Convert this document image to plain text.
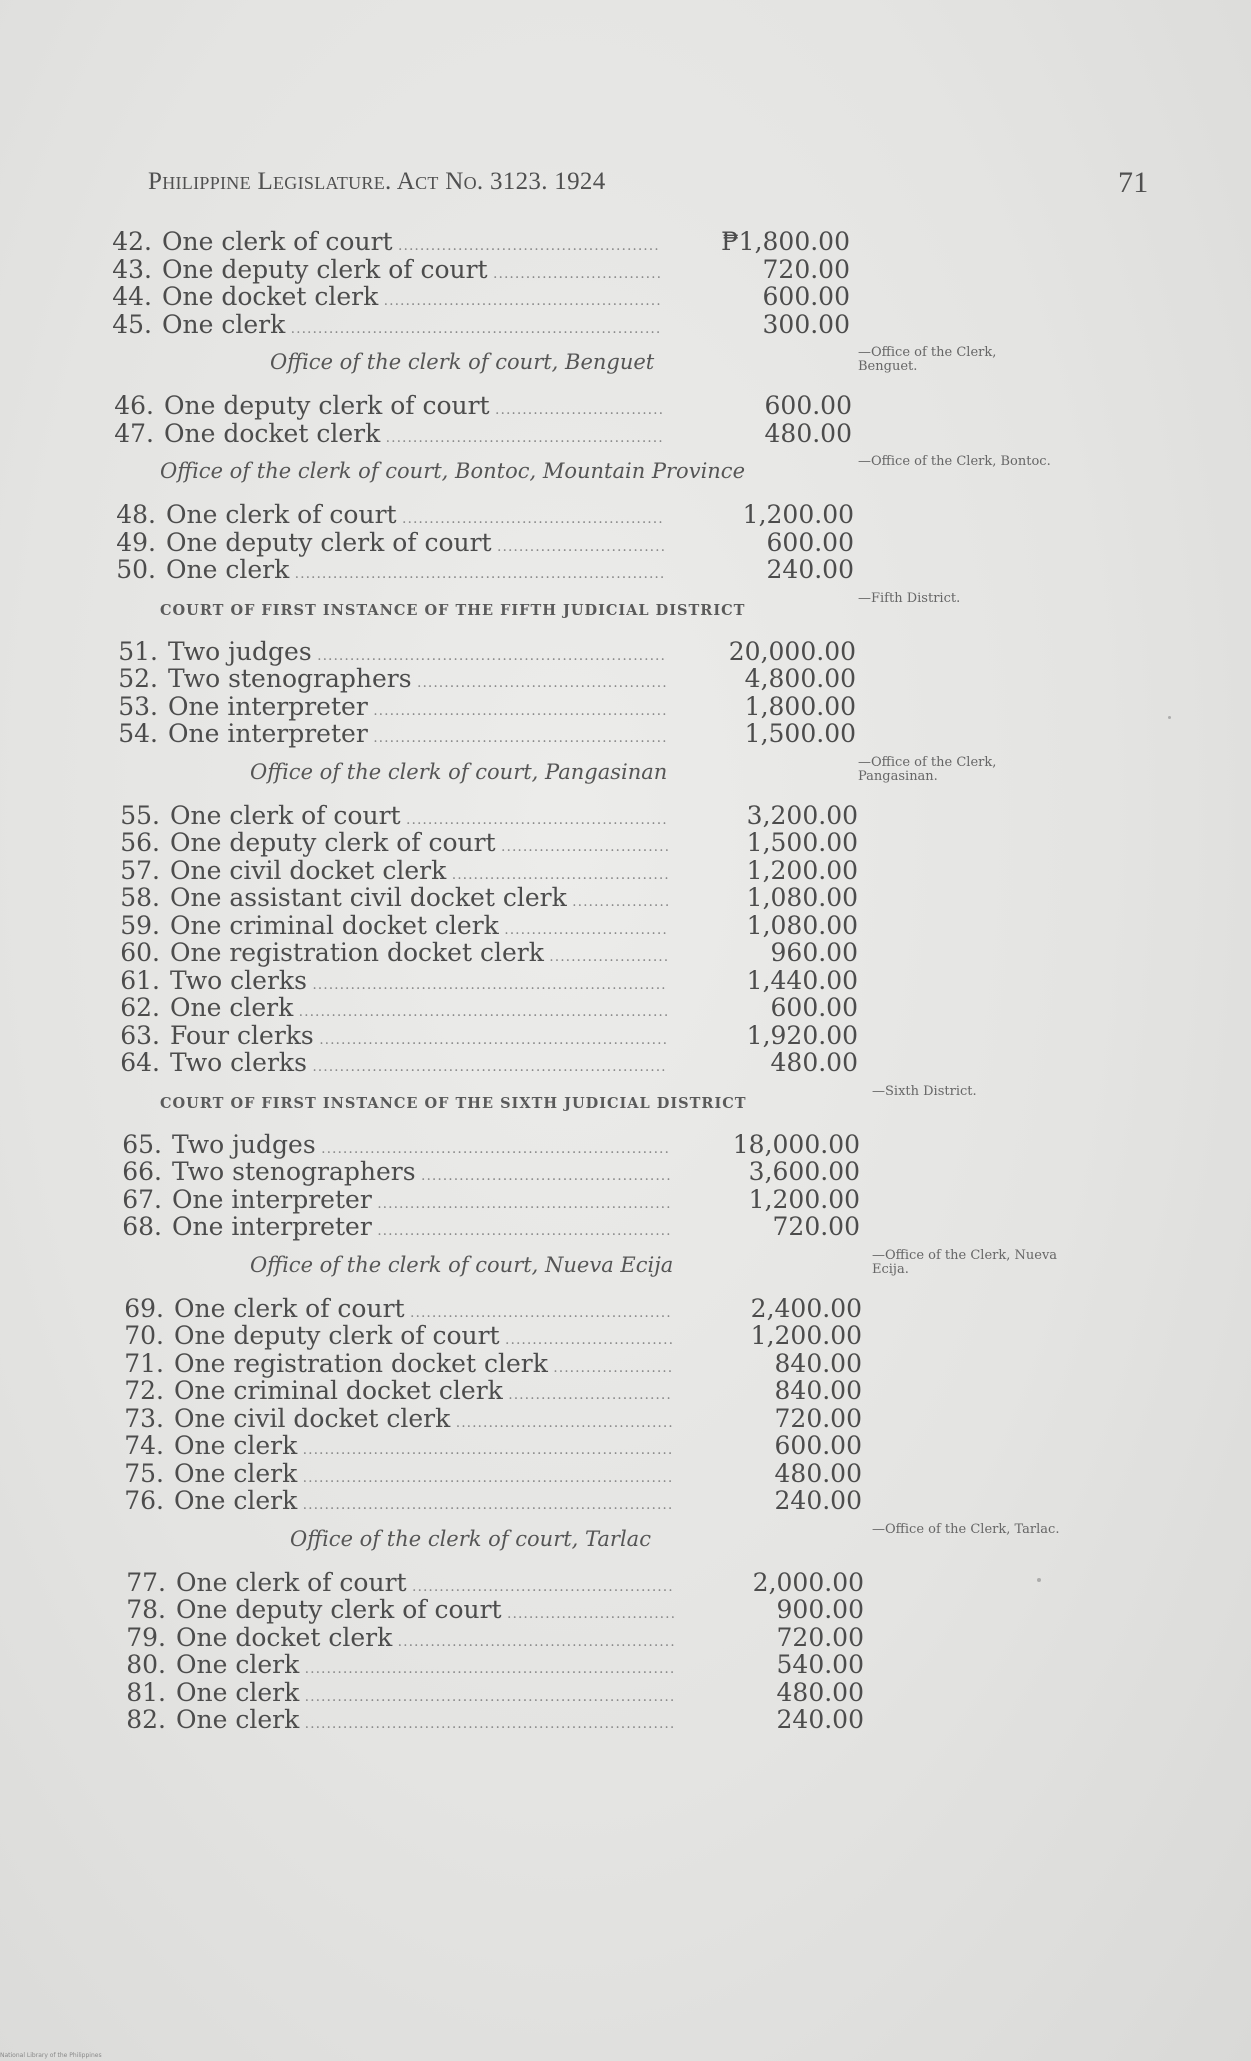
Philippine Legislature. Act No. 3123. 1924	71
42. One clerk of court .....	₱1,800.00
43. One deputy clerk of court .....	720.00
44. One docket clerk .....	600.00
45. One clerk .....	300.00
Office of the clerk of court, Benguet	—Office of the Clerk, Benguet.
46. One deputy clerk of court .....	600.00
47. One docket clerk .....	480.00
Office of the clerk of court, Bontoc, Mountain Province	—Office of the Clerk, Bontoc.
48. One clerk of court .....	1,200.00
49. One deputy clerk of court .....	600.00
50. One clerk .....	240.00
COURT OF FIRST INSTANCE OF THE FIFTH JUDICIAL DISTRICT
—Fifth District.
51. Two judges .....	20,000.00
52. Two stenographers .....	4,800.00
53. One interpreter .....	1,800.00
54. One interpreter .....	1,500.00
Office of the clerk of court, Pangasinan	—Office of the Clerk, Pangasinan.
55. One clerk of court .....	3,200.00
56. One deputy clerk of court .....	1,500.00
57. One civil docket clerk .....	1,200.00
58. One assistant civil docket clerk .....	1,080.00
59. One criminal docket clerk .....	1,080.00
60. One registration docket clerk .....	960.00
61. Two clerks .....	1,440.00
62. One clerk .....	600.00
63. Four clerks .....	1,920.00
64. Two clerks .....	480.00
COURT OF FIRST INSTANCE OF THE SIXTH JUDICIAL DISTRICT
—Sixth District.
65. Two judges .....	18,000.00
66. Two stenographers .....	3,600.00
67. One interpreter .....	1,200.00
68. One interpreter .....	720.00
Office of the clerk of court, Nueva Ecija	—Office of the Clerk, Nueva Ecija.
69. One clerk of court .....	2,400.00
70. One deputy clerk of court .....	1,200.00
71. One registration docket clerk .....	840.00
72. One criminal docket clerk .....	840.00
73. One civil docket clerk .....	720.00
74. One clerk .....	600.00
75. One clerk .....	480.00
76. One clerk .....	240.00
Office of the clerk of court, Tarlac	—Office of the Clerk, Tarlac.
77. One clerk of court .....	2,000.00
78. One deputy clerk of court .....	900.00
79. One docket clerk .....	720.00
80. One clerk .....	540.00
81. One clerk .....	480.00
82. One clerk .....	240.00
National Library of the Philippines
